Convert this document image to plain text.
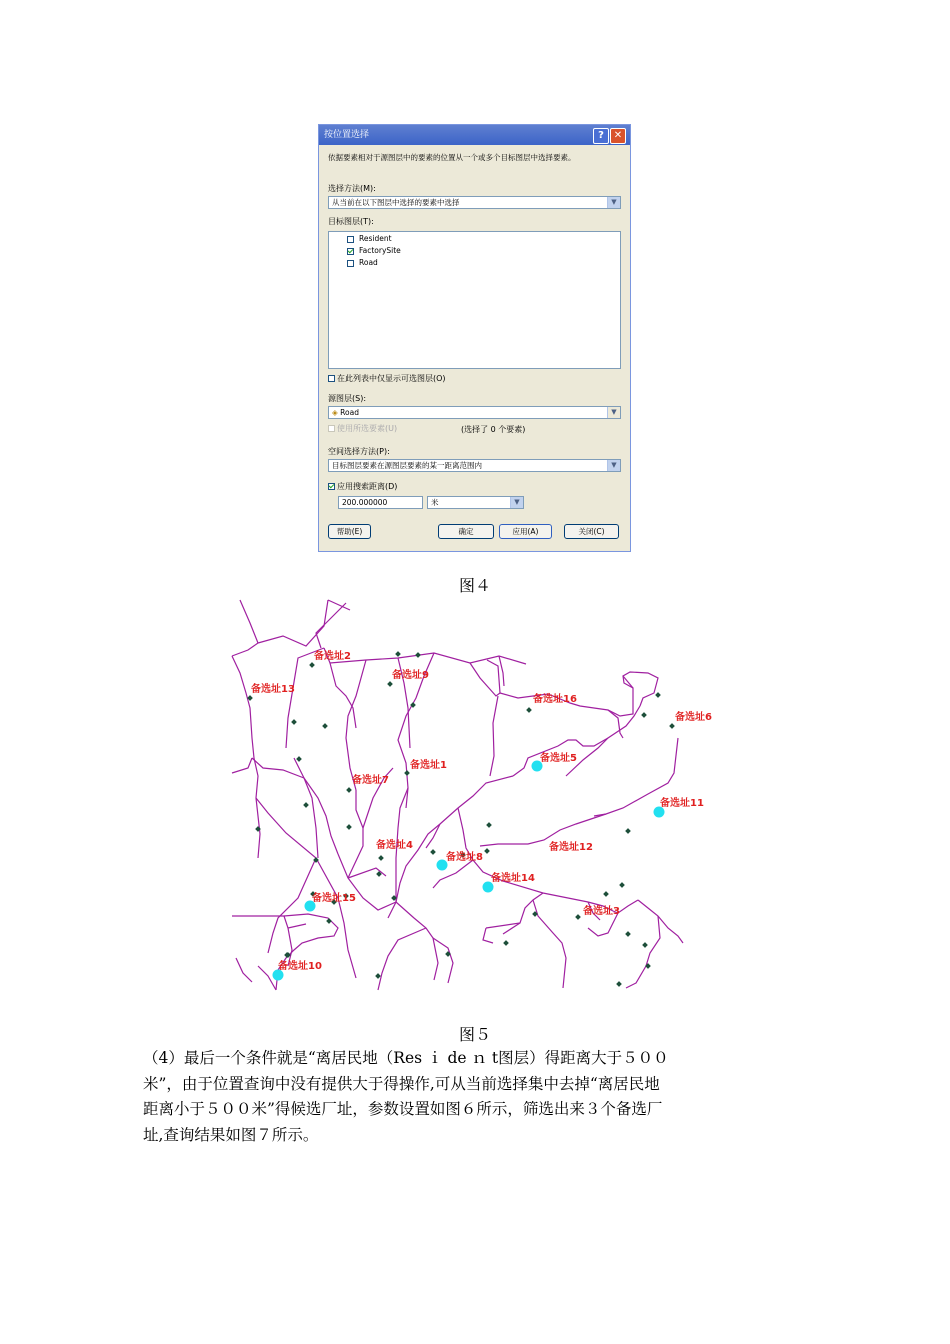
按位置选择	? ✕
依据要素相对于源图层中的要素的位置从一个或多个目标图层中选择要素。
选择方法(M):
从当前在以下图层中选择的要素中选择	▼
目标图层(T):
Resident
FactorySite
Road
在此列表中仅显示可选图层(O)
源图层(S):
◈ Road	▼
使用所选要素(U)	(选择了 0 个要素)
空间选择方法(P):
目标图层要素在源图层要素的某一距离范围内	▼
应用搜索距离(D)
200.000000	米	▼
帮助(E)	确定	应用(A)	关闭(C)
图４
备选址2
备选址9
备选址13
备选址16
备选址6
备选址5
备选址1
备选址7
备选址11
备选址4
备选址8
备选址12
备选址14
备选址15
备选址3
备选址10
图５
（4）最后一个条件就是“离居民地（Res ｉ de ｎ t图层）得距离大于５００
米”，由于位置查询中没有提供大于得操作,可从当前选择集中去掉“离居民地
距离小于５００米”得候选厂址，参数设置如图６所示，筛选出来３个备选厂
址,查询结果如图７所示。
